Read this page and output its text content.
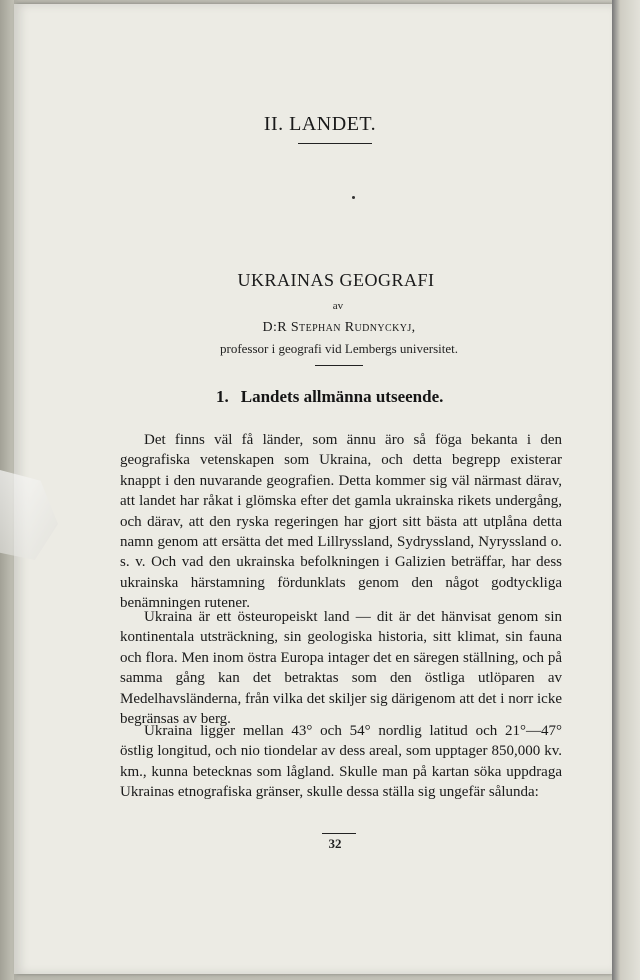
II. LANDET.
UKRAINAS GEOGRAFI
av
D:R Stephan Rudnyckyj,
professor i geografi vid Lembergs universitet.
1. Landets allmänna utseende.

Det finns väl få länder, som ännu äro så föga bekanta i den geografiska vetenskapen som Ukraina, och detta begrepp existerar knappt i den nuvarande geografien. Detta kommer sig väl närmast därav, att landet har råkat i glömska efter det gamla ukrainska rikets undergång, och därav, att den ryska regeringen har gjort sitt bästa att utplåna detta namn genom att ersätta det med Lillryssland, Sydryssland, Nyryssland o. s. v. Och vad den ukrainska befolkningen i Galizien beträffar, har dess ukrainska härstamning fördunklats genom den något godtyckliga benämningen rutener.

Ukraina är ett östeuropeiskt land — dit är det hänvisat genom sin kontinentala utsträckning, sin geologiska historia, sitt klimat, sin fauna och flora. Men inom östra Europa intager det en säregen ställning, och på samma gång kan det betraktas som den östliga utlöparen av Medelhavsländerna, från vilka det skiljer sig därigenom att det i norr icke begränsas av berg.

Ukraina ligger mellan 43° och 54° nordlig latitud och 21°—47° östlig longitud, och nio tiondelar av dess areal, som upptager 850,000 kv. km., kunna betecknas som lågland. Skulle man på kartan söka uppdraga Ukrainas etnografiska gränser, skulle dessa ställa sig ungefär sålunda:

32
